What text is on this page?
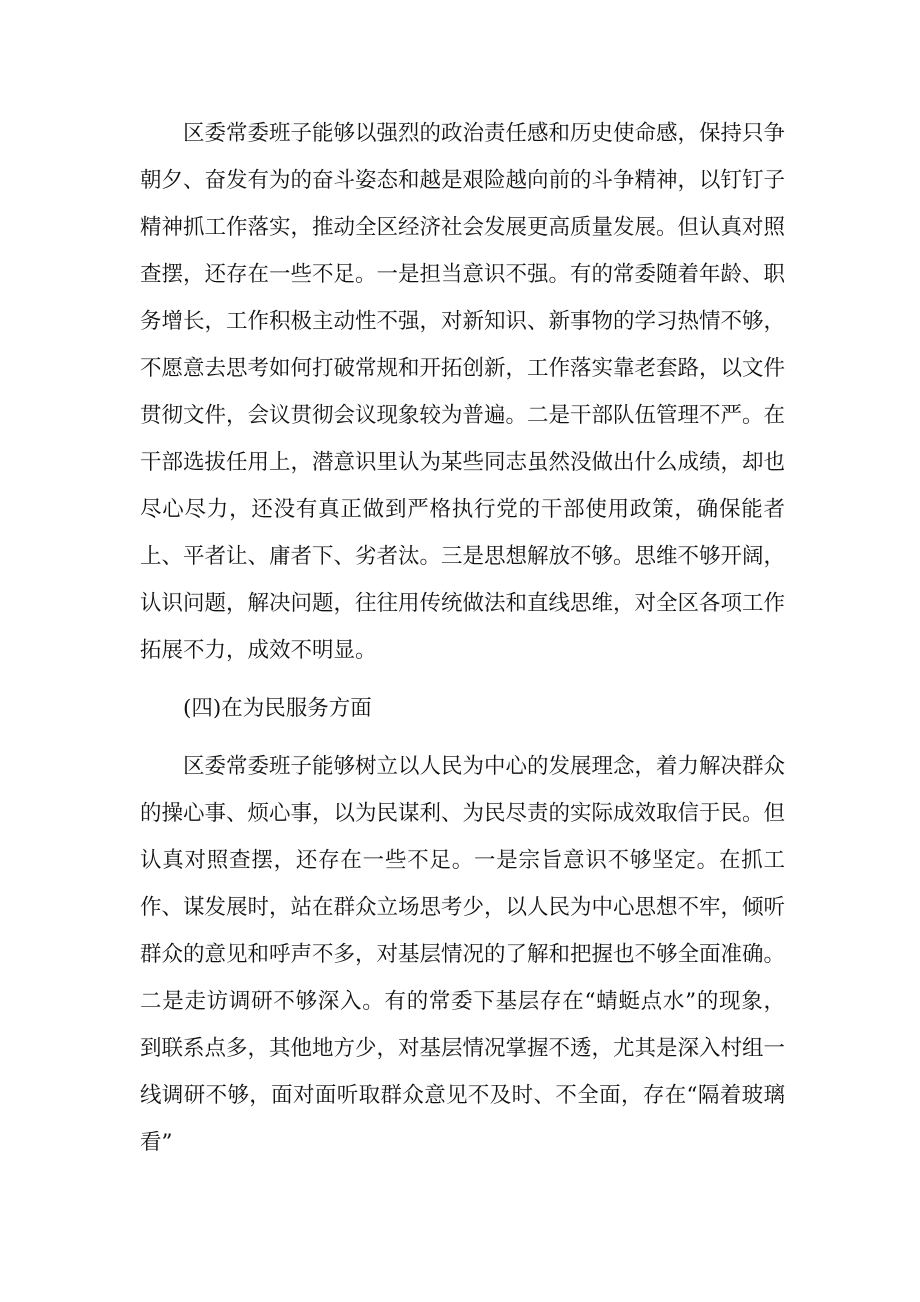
区委常委班子能够以强烈的政治责任感和历史使命感，保持只争朝夕、奋发有为的奋斗姿态和越是艰险越向前的斗争精神，以钉钉子精神抓工作落实，推动全区经济社会发展更高质量发展。但认真对照查摆，还存在一些不足。一是担当意识不强。有的常委随着年龄、职务增长，工作积极主动性不强，对新知识、新事物的学习热情不够，不愿意去思考如何打破常规和开拓创新，工作落实靠老套路，以文件贯彻文件，会议贯彻会议现象较为普遍。二是干部队伍管理不严。在干部选拔任用上，潜意识里认为某些同志虽然没做出什么成绩，却也尽心尽力，还没有真正做到严格执行党的干部使用政策，确保能者上、平者让、庸者下、劣者汰。三是思想解放不够。思维不够开阔，认识问题，解决问题，往往用传统做法和直线思维，对全区各项工作拓展不力，成效不明显。

(四)在为民服务方面

区委常委班子能够树立以人民为中心的发展理念，着力解决群众的操心事、烦心事，以为民谋利、为民尽责的实际成效取信于民。但认真对照查摆，还存在一些不足。一是宗旨意识不够坚定。在抓工作、谋发展时，站在群众立场思考少，以人民为中心思想不牢，倾听群众的意见和呼声不多，对基层情况的了解和把握也不够全面准确。二是走访调研不够深入。有的常委下基层存在“蜻蜓点水”的现象，到联系点多，其他地方少，对基层情况掌握不透，尤其是深入村组一线调研不够，面对面听取群众意见不及时、不全面，存在“隔着玻璃看”
